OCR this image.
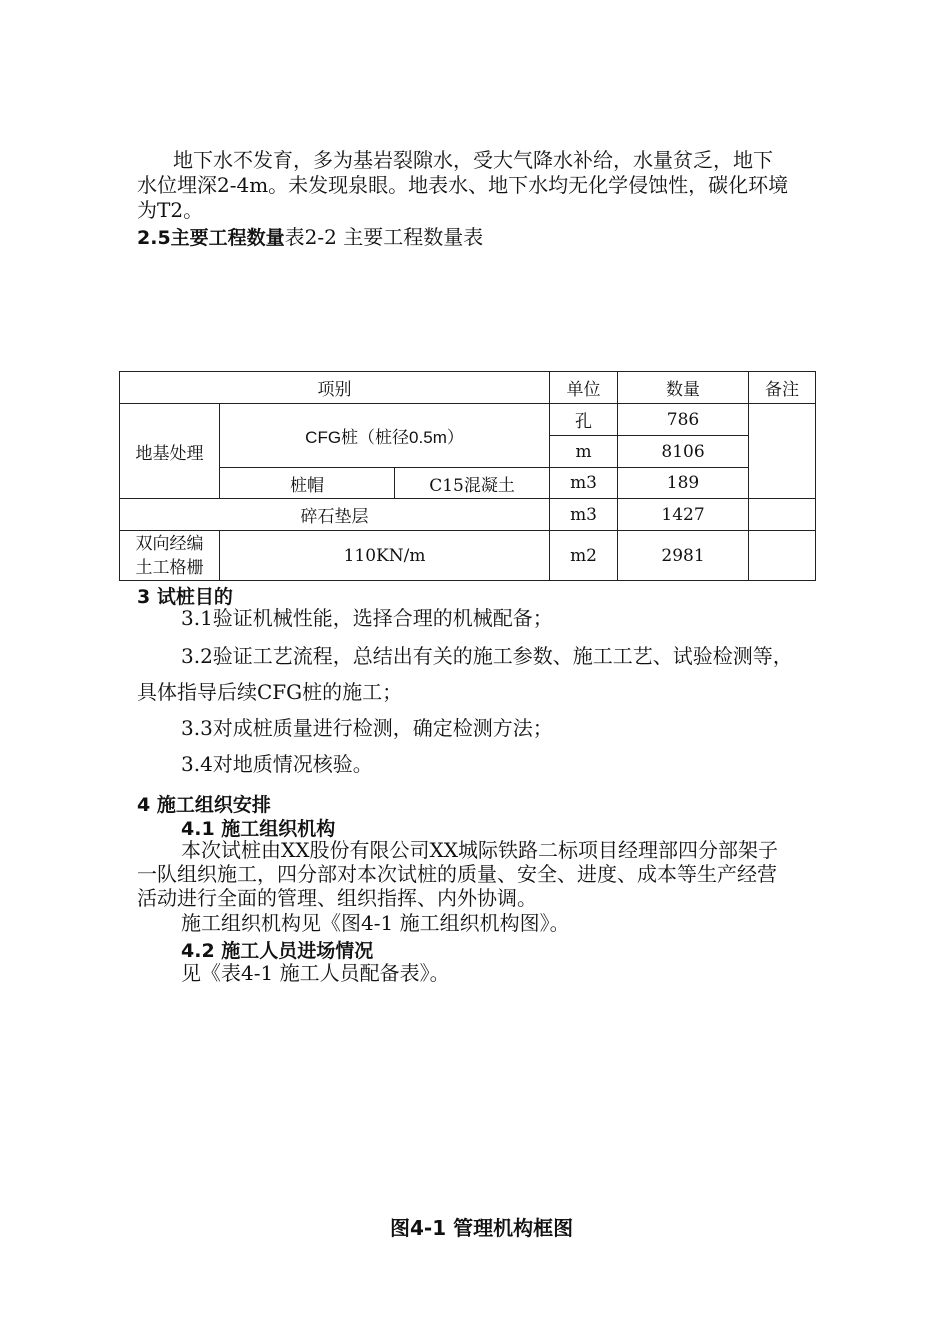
地下水不发育，多为基岩裂隙水，受大气降水补给，水量贫乏，地下
水位埋深2-4m。未发现泉眼。地表水、地下水均无化学侵蚀性，碳化环境
为T2。
2.5主要工程数量表2-2 主要工程数量表
项别			单位	数量	备注
地基处理	CFG桩（桩径0.5m）		孔	786	
			m	8106	
	桩帽	C15混凝土	m3	189	
碎石垫层			m3	1427	

双向经编
土工格栅	110KN/m		m2	2981	
3 试桩目的
3.1验证机械性能，选择合理的机械配备；
3.2验证工艺流程，总结出有关的施工参数、施工工艺、试验检测等，
具体指导后续CFG桩的施工；
3.3对成桩质量进行检测，确定检测方法；
3.4对地质情况核验。
4 施工组织安排
4.1 施工组织机构
本次试桩由XX股份有限公司XX城际铁路二标项目经理部四分部架子
一队组织施工，四分部对本次试桩的质量、安全、进度、成本等生产经营
活动进行全面的管理、组织指挥、内外协调。
施工组织机构见《图4-1 施工组织机构图》。
4.2 施工人员进场情况
见《表4-1 施工人员配备表》。
图4-1 管理机构框图
